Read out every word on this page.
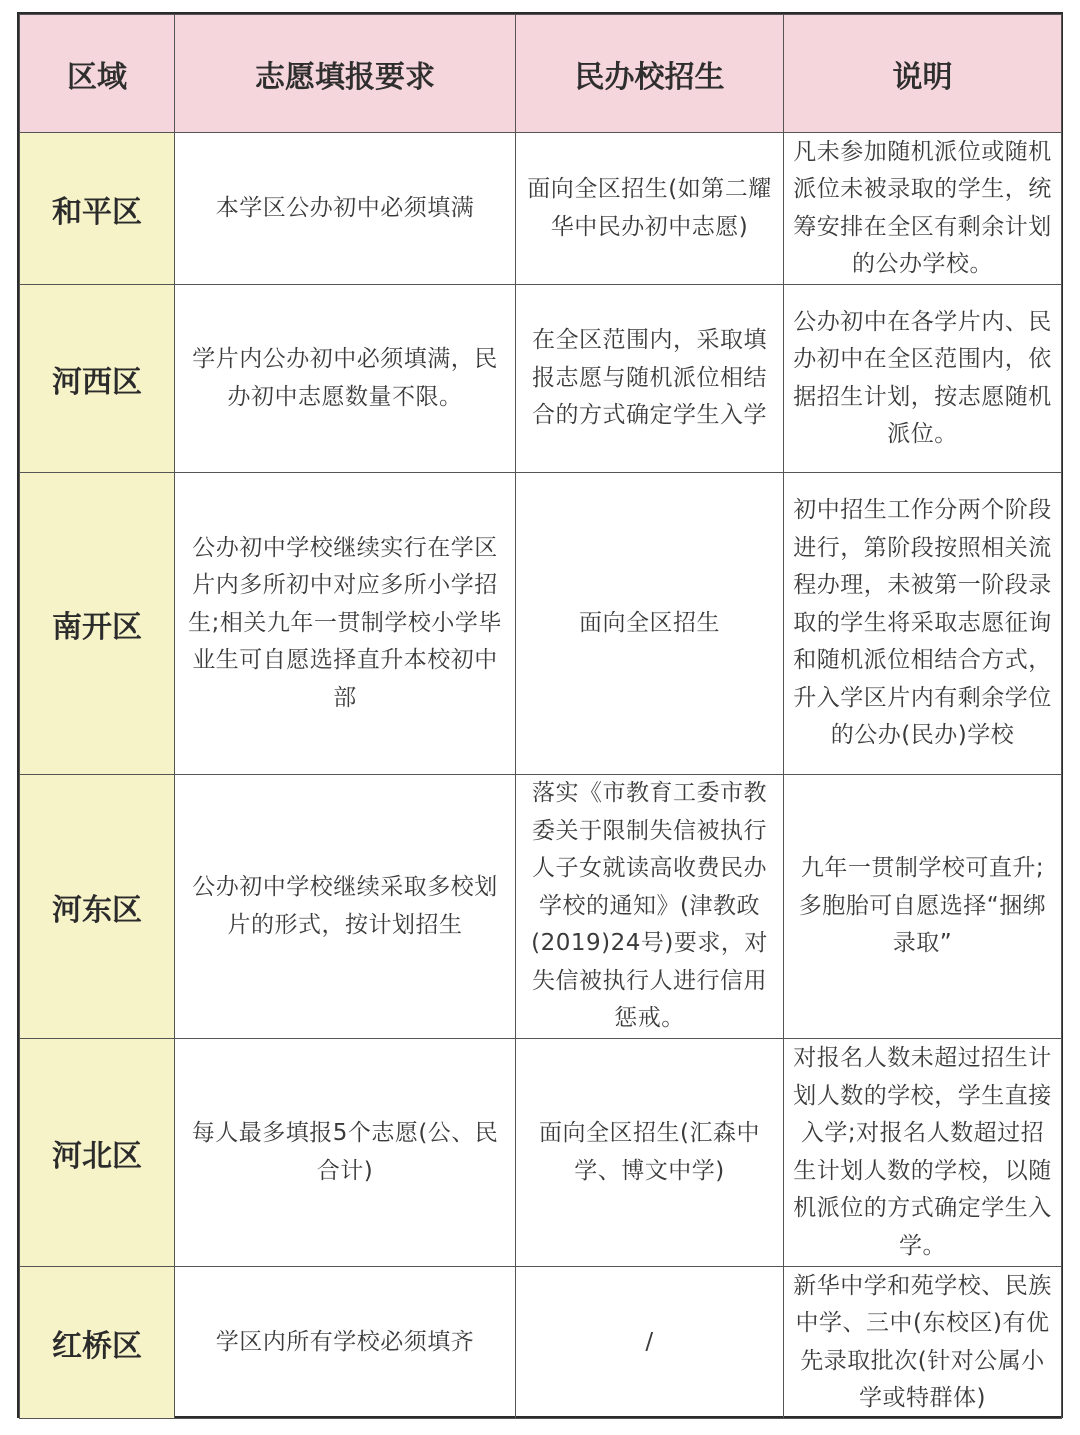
区域	志愿填报要求	民办校招生	说明
和平区	本学区公办初中必须填满	面向全区招生(如第二耀华中民办初中志愿)	凡未参加随机派位或随机派位未被录取的学生，统筹安排在全区有剩余计划的公办学校。
河西区	学片内公办初中必须填满，民办初中志愿数量不限。	在全区范围内，采取填报志愿与随机派位相结合的方式确定学生入学	公办初中在各学片内、民办初中在全区范围内，依据招生计划，按志愿随机派位。
南开区	公办初中学校继续实行在学区片内多所初中对应多所小学招生;相关九年一贯制学校小学毕业生可自愿选择直升本校初中部	面向全区招生	初中招生工作分两个阶段进行，第阶段按照相关流程办理，未被第一阶段录取的学生将采取志愿征询和随机派位相结合方式，升入学区片内有剩余学位的公办(民办)学校
河东区	公办初中学校继续采取多校划片的形式，按计划招生	落实《市教育工委市教委关于限制失信被执行人子女就读高收费民办学校的通知》(津教政(2019)24号)要求，对失信被执行人进行信用惩戒。	九年一贯制学校可直升;多胞胎可自愿选择“捆绑录取”
河北区	每人最多填报5个志愿(公、民合计)	面向全区招生(汇森中学、博文中学)	对报名人数未超过招生计划人数的学校，学生直接入学;对报名人数超过招生计划人数的学校，以随机派位的方式确定学生入学。
红桥区	学区内所有学校必须填齐	/	新华中学和苑学校、民族中学、三中(东校区)有优先录取批次(针对公属小学或特群体)
